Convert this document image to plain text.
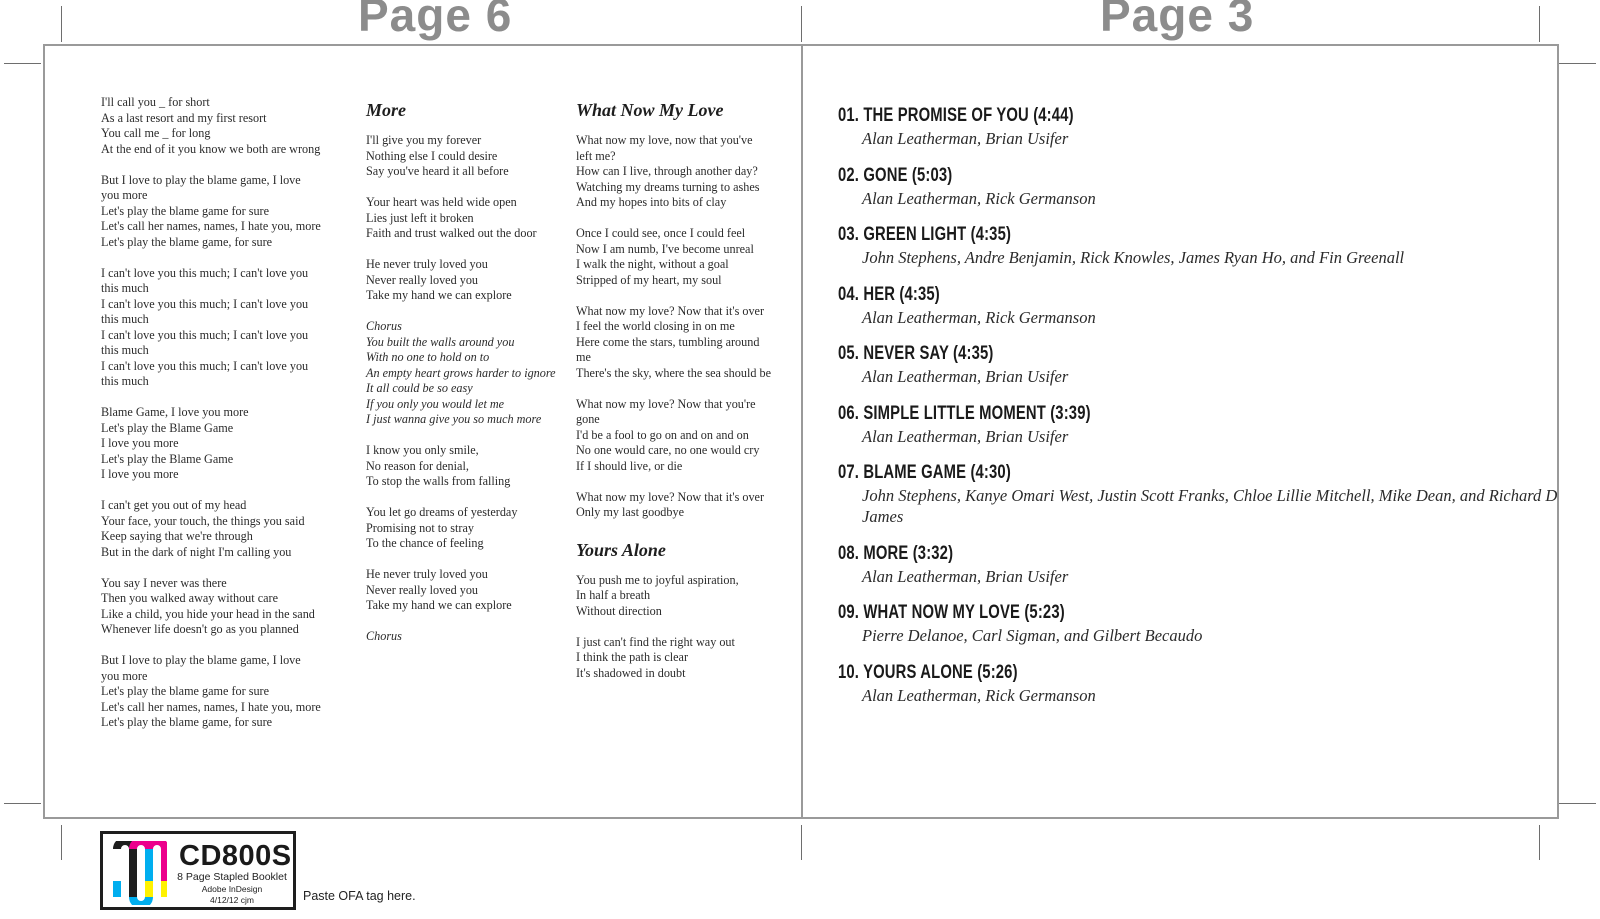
Page 6	Page 3
I'll call you _ for short
As a last resort and my first resort
You call me _ for long
At the end of it you know we both are wrong
But I love to play the blame game, I love
you more
Let's play the blame game for sure
Let's call her names, names, I hate you, more
Let's play the blame game, for sure
I can't love you this much; I can't love you
this much
I can't love you this much; I can't love you
this much
I can't love you this much; I can't love you
this much
I can't love you this much; I can't love you
this much
Blame Game, I love you more
Let's play the Blame Game
I love you more
Let's play the Blame Game
I love you more
I can't get you out of my head
Your face, your touch, the things you said
Keep saying that we're through
But in the dark of night I'm calling you
You say I never was there
Then you walked away without care
Like a child, you hide your head in the sand
Whenever life doesn't go as you planned
But I love to play the blame game, I love
you more
Let's play the blame game for sure
Let's call her names, names, I hate you, more
Let's play the blame game, for sure
More
I'll give you my forever
Nothing else I could desire
Say you've heard it all before
Your heart was held wide open
Lies just left it broken
Faith and trust walked out the door
He never truly loved you
Never really loved you
Take my hand we can explore
Chorus
You built the walls around you
With no one to hold on to
An empty heart grows harder to ignore
It all could be so easy
If you only you would let me
I just wanna give you so much more
I know you only smile,
No reason for denial,
To stop the walls from falling
You let go dreams of yesterday
Promising not to stray
To the chance of feeling
He never truly loved you
Never really loved you
Take my hand we can explore
Chorus
What Now My Love
What now my love, now that you've
left me?
How can I live, through another day?
Watching my dreams turning to ashes
And my hopes into bits of clay
Once I could see, once I could feel
Now I am numb, I've become unreal
I walk the night, without a goal
Stripped of my heart, my soul
What now my love? Now that it's over
I feel the world closing in on me
Here come the stars, tumbling around
me
There's the sky, where the sea should be
What now my love? Now that you're
gone
I'd be a fool to go on and on and on
No one would care, no one would cry
If I should live, or die
What now my love? Now that it's over
Only my last goodbye
Yours Alone
You push me to joyful aspiration,
In half a breath
Without direction
I just can't find the right way out
I think the path is clear
It's shadowed in doubt
01. THE PROMISE OF YOU (4:44)
Alan Leatherman, Brian Usifer
02. GONE (5:03)
Alan Leatherman, Rick Germanson
03. GREEN LIGHT (4:35)
John Stephens, Andre Benjamin, Rick Knowles, James Ryan Ho, and Fin Greenall
04. HER (4:35)
Alan Leatherman, Rick Germanson
05. NEVER SAY (4:35)
Alan Leatherman, Brian Usifer
06. SIMPLE LITTLE MOMENT (3:39)
Alan Leatherman, Brian Usifer
07. BLAME GAME (4:30)
John Stephens, Kanye Omari West, Justin Scott Franks, Chloe Lillie Mitchell, Mike Dean, and Richard D James
08. MORE (3:32)
Alan Leatherman, Brian Usifer
09. WHAT NOW MY LOVE (5:23)
Pierre Delanoe, Carl Sigman, and Gilbert Becaudo
10. YOURS ALONE (5:26)
Alan Leatherman, Rick Germanson
CD800S
8 Page Stapled Booklet
Adobe InDesign
4/12/12 cjm	Paste OFA tag here.
